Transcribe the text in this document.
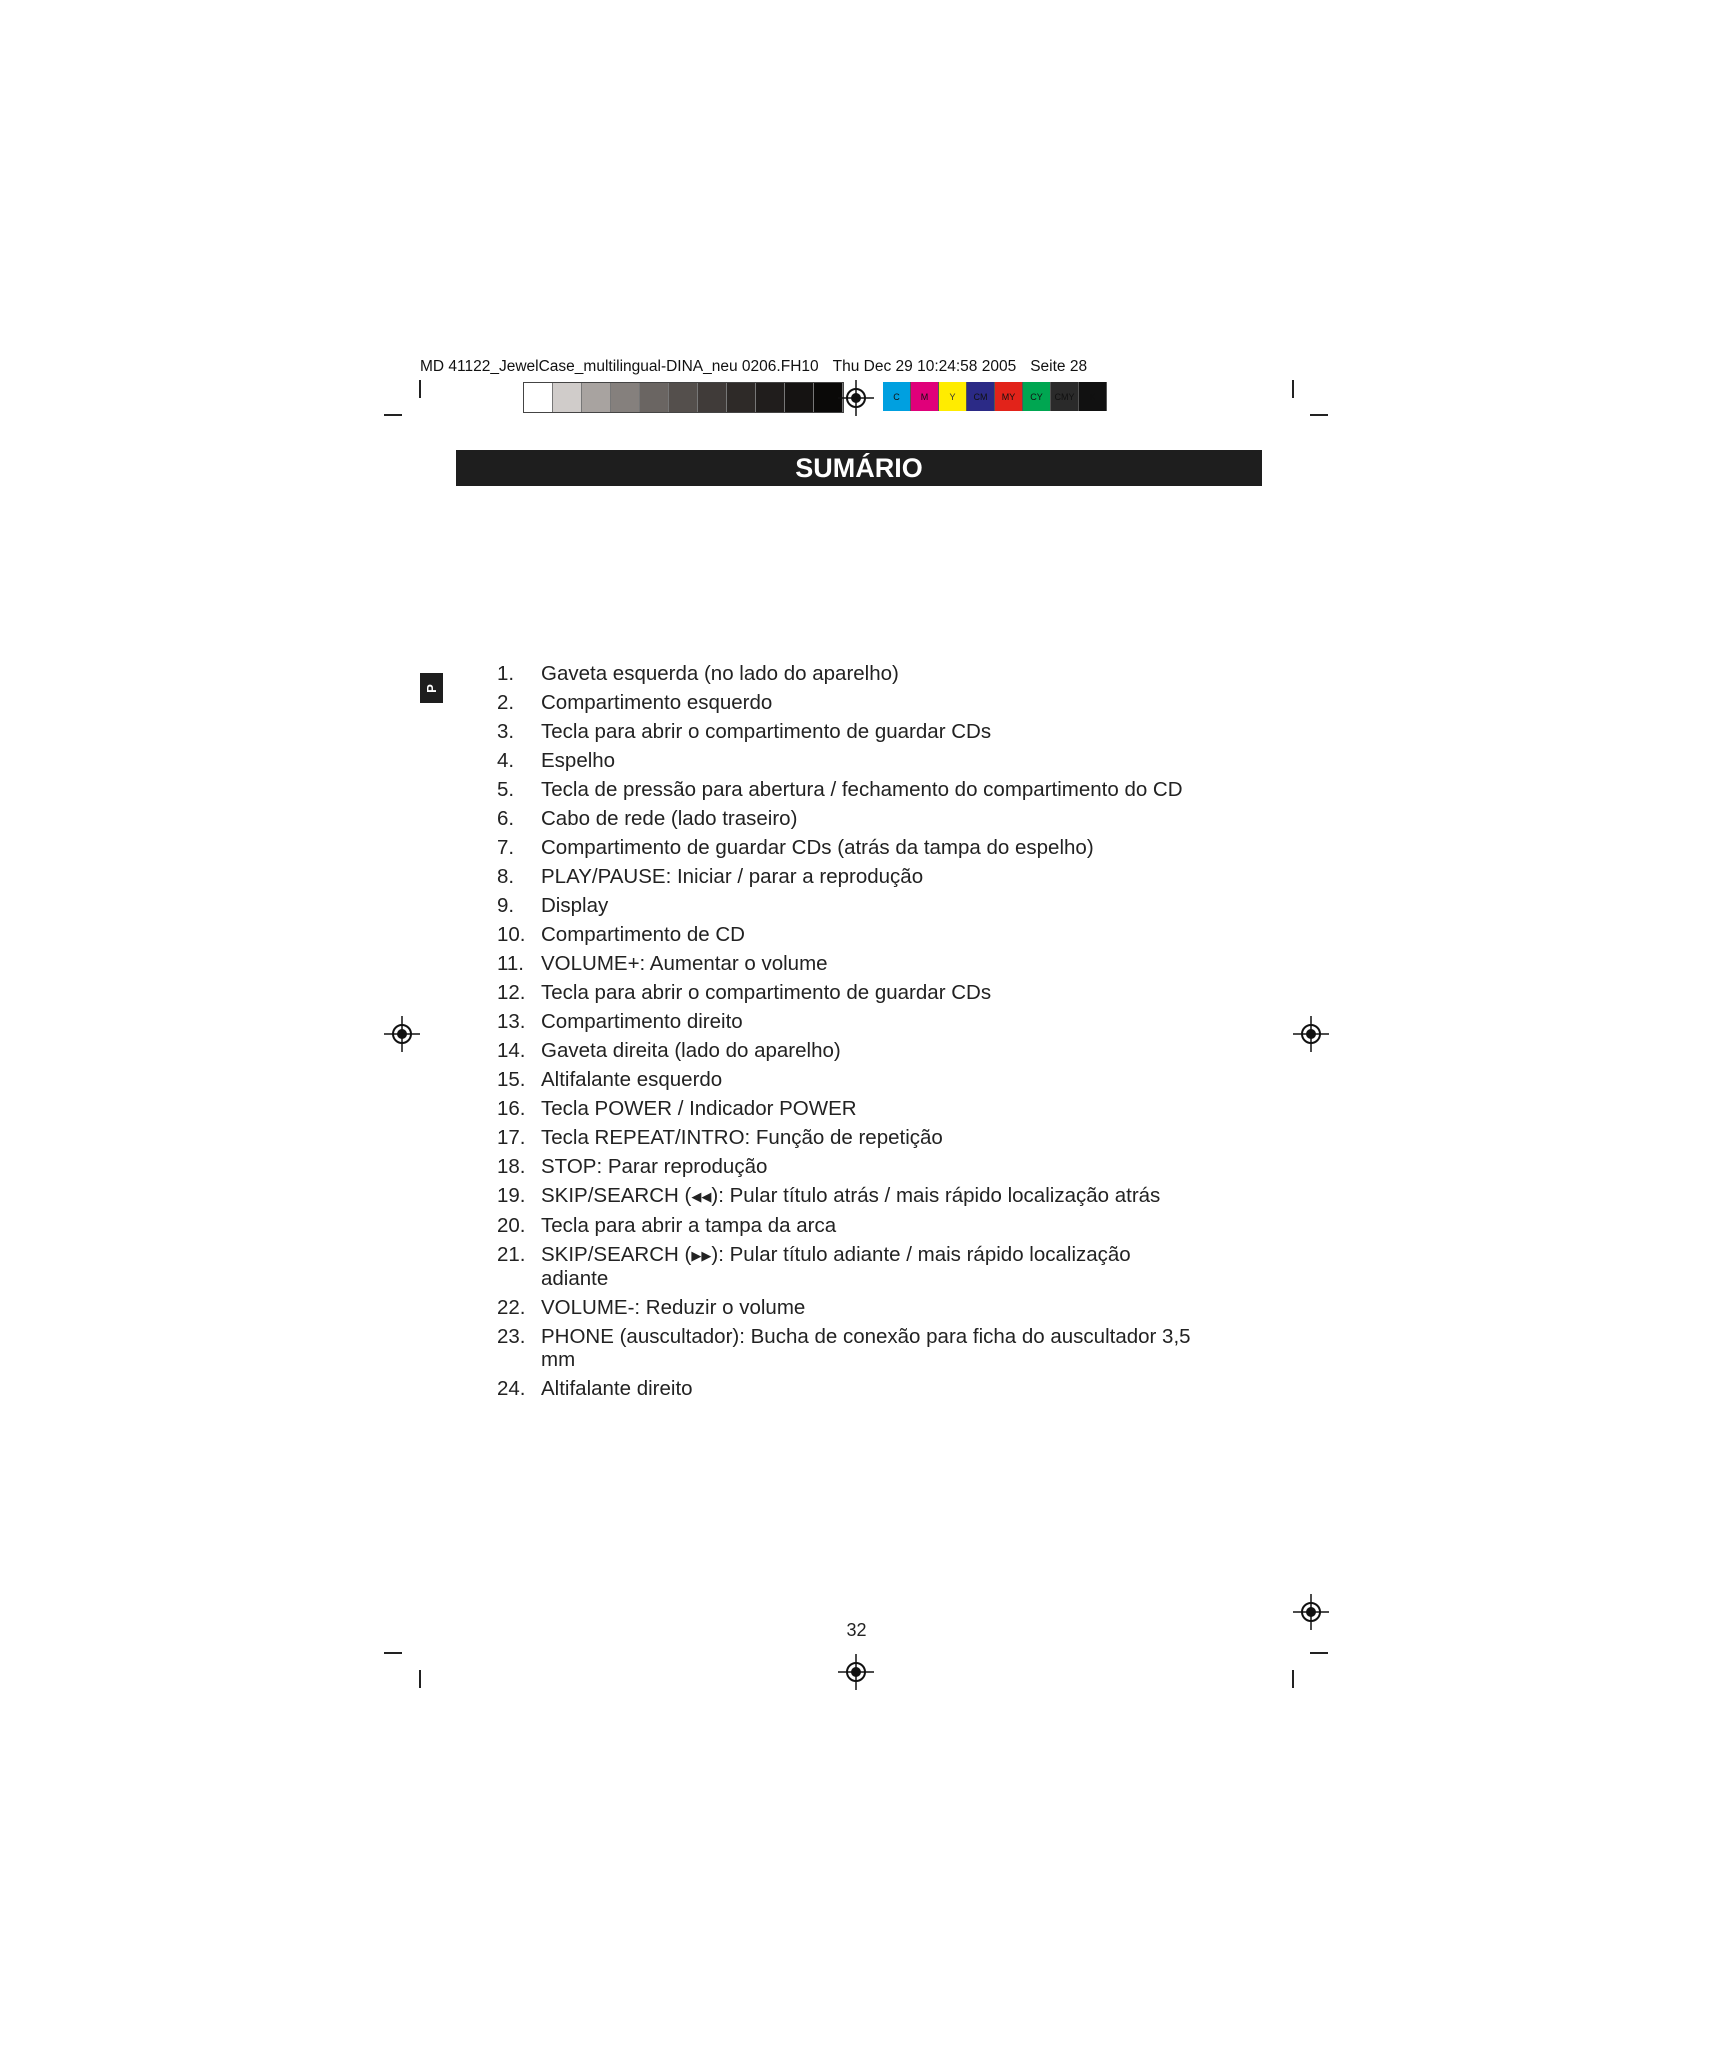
MD 41122_JewelCase_multilingual-DINA_neu 0206.FH10 Thu Dec 29 10:24:58 2005 Seite 28
C	M	Y	CM	MY	CY	CMY	K
SUMÁRIO
P
1.	Gaveta esquerda (no lado do aparelho)
2.	Compartimento esquerdo
3.	Tecla para abrir o compartimento de guardar CDs
4.	Espelho
5.	Tecla de pressão para abertura / fechamento do compartimento do CD
6.	Cabo de rede (lado traseiro)
7.	Compartimento de guardar CDs (atrás da tampa do espelho)
8.	PLAY/PAUSE: Iniciar / parar a reprodução
9.	Display
10. Compartimento de CD
11. VOLUME+: Aumentar o volume
12. Tecla para abrir o compartimento de guardar CDs
13. Compartimento direito
14. Gaveta direita (lado do aparelho)
15. Altifalante esquerdo
16. Tecla POWER / Indicador POWER
17. Tecla REPEAT/INTRO: Função de repetição
18. STOP: Parar reprodução
19. SKIP/SEARCH (◀◀): Pular título atrás / mais rápido localização atrás
20. Tecla para abrir a tampa da arca
21. SKIP/SEARCH (▶▶): Pular título adiante / mais rápido localização adiante
22. VOLUME-: Reduzir o volume
23. PHONE (auscultador): Bucha de conexão para ficha do auscultador 3,5 mm
24. Altifalante direito
32
